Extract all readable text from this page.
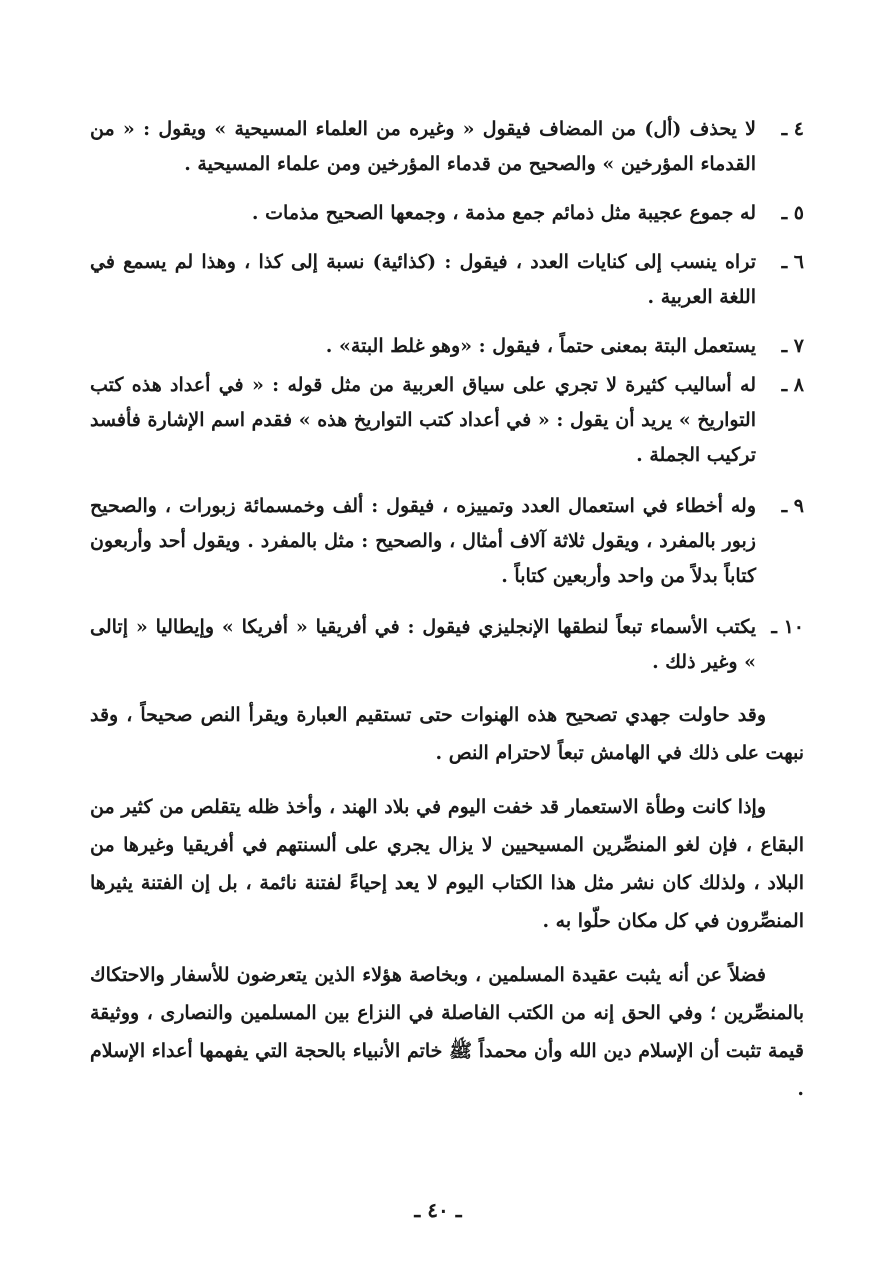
٤ ـ
لا يحذف (أل) من المضاف فيقول « وغيره من العلماء المسيحية » ويقول : « من القدماء المؤرخين » والصحيح من قدماء المؤرخين ومن علماء المسيحية .
٥ ـ
له جموع عجيبة مثل ذمائم جمع مذمة ، وجمعها الصحيح مذمات .
٦ ـ
تراه ينسب إلى كنايات العدد ، فيقول : (كذائية) نسبة إلى كذا ، وهذا لم يسمع في اللغة العربية .
٧ ـ
يستعمل البتة بمعنى حتماً ، فيقول : «وهو غلط البتة» .
٨ ـ
له أساليب كثيرة لا تجري على سياق العربية من مثل قوله : « في أعداد هذه كتب التواريخ » يريد أن يقول : « في أعداد كتب التواريخ هذه » فقدم اسم الإشارة فأفسد تركيب الجملة .
٩ ـ
وله أخطاء في استعمال العدد وتمييزه ، فيقول : ألف وخمسمائة زبورات ، والصحيح زبور بالمفرد ، ويقول ثلاثة آلاف أمثال ، والصحيح : مثل بالمفرد . ويقول أحد وأربعون كتاباً بدلاً من واحد وأربعين كتاباً .
١٠ ـ
يكتب الأسماء تبعاً لنطقها الإنجليزي فيقول : في أفريقيا « أفريكا » وإيطاليا « إتالى » وغير ذلك .

وقد حاولت جهدي تصحيح هذه الهنوات حتى تستقيم العبارة ويقرأ النص صحيحاً ، وقد نبهت على ذلك في الهامش تبعاً لاحترام النص .

وإذا كانت وطأة الاستعمار قد خفت اليوم في بلاد الهند ، وأخذ ظله يتقلص من كثير من البقاع ، فإن لغو المنصِّرين المسيحيين لا يزال يجري على ألسنتهم في أفريقيا وغيرها من البلاد ، ولذلك كان نشر مثل هذا الكتاب اليوم لا يعد إحياءً لفتنة نائمة ، بل إن الفتنة يثيرها المنصِّرون في كل مكان حلّوا به .

فضلاً عن أنه يثبت عقيدة المسلمين ، وبخاصة هؤلاء الذين يتعرضون للأسفار والاحتكاك بالمنصِّرين ؛ وفي الحق إنه من الكتب الفاصلة في النزاع بين المسلمين والنصارى ، ووثيقة قيمة تثبت أن الإسلام دين الله وأن محمداً ﷺ خاتم الأنبياء بالحجة التي يفهمها أعداء الإسلام .

ـ ٤٠ ـ
